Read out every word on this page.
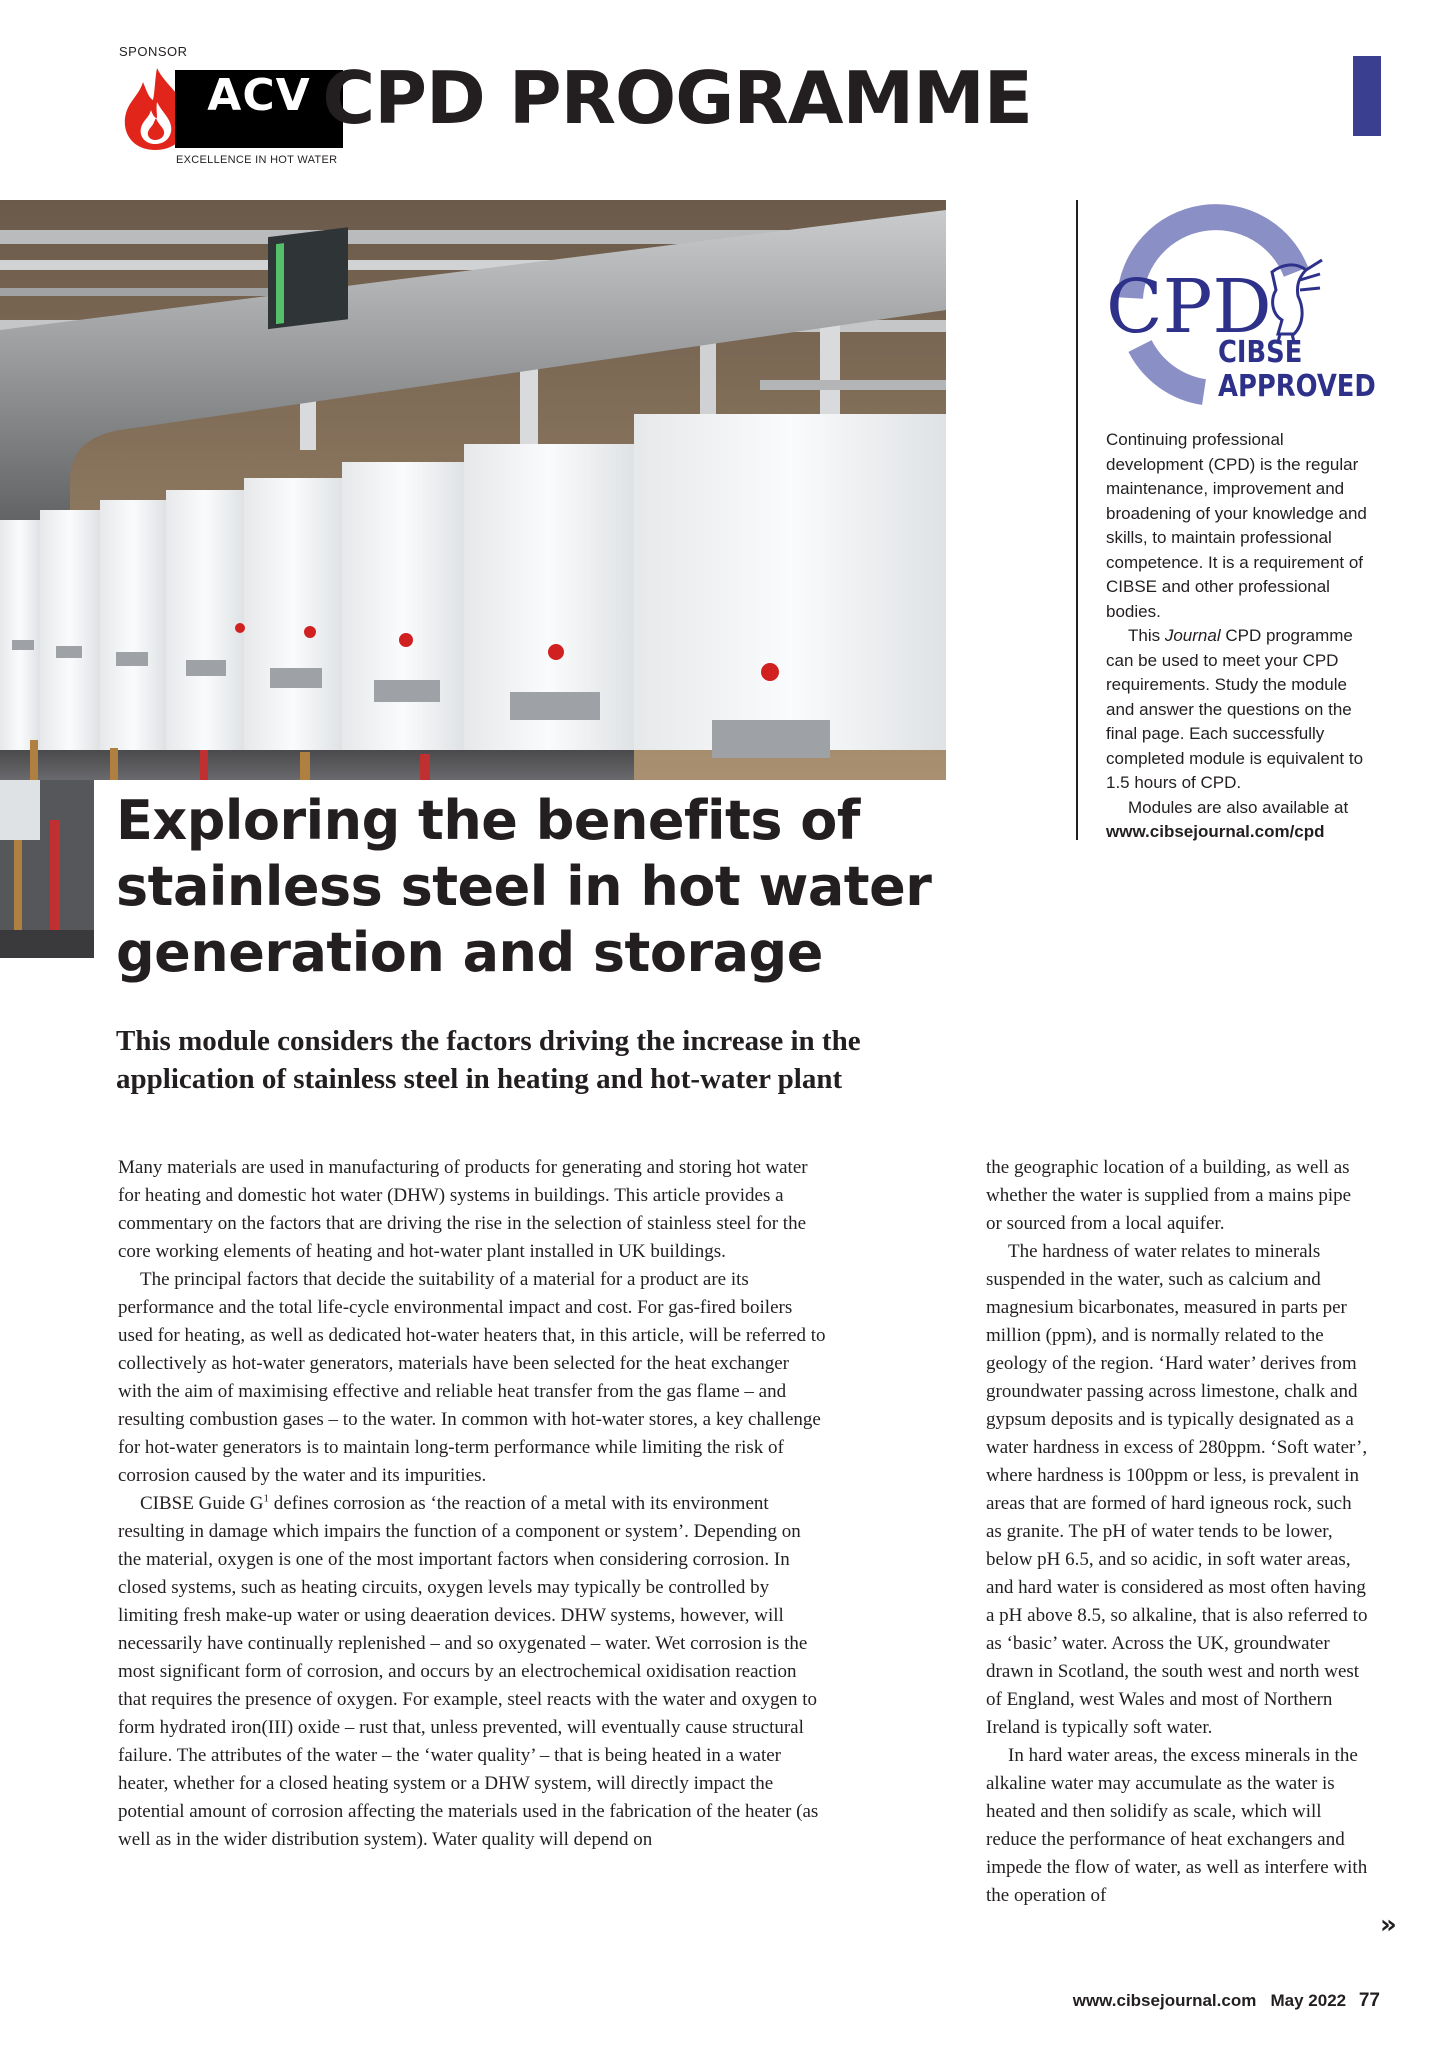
SPONSOR
ACV
EXCELLENCE IN HOT WATER
CPD PROGRAMME
CPD
CIBSE
APPROVED

Continuing professional development (CPD) is the regular maintenance, improvement and broadening of your knowledge and skills, to maintain professional competence. It is a requirement of CIBSE and other professional bodies.

This Journal CPD programme can be used to meet your CPD requirements. Study the module and answer the questions on the final page. Each successfully completed module is equivalent to 1.5 hours of CPD.

Modules are also available at

www.cibsejournal.com/cpd
Exploring the benefits of stainless steel in hot water generation and storage
This module considers the factors driving the increase in the application of stainless steel in heating and hot-water plant

Many materials are used in manufacturing of products for generating and storing hot water for heating and domestic hot water (DHW) systems in buildings. This article provides a commentary on the factors that are driving the rise in the selection of stainless steel for the core working elements of heating and hot-water plant installed in UK buildings.

The principal factors that decide the suitability of a material for a product are its performance and the total life-cycle environmental impact and cost. For gas-fired boilers used for heating, as well as dedicated hot-water heaters that, in this article, will be referred to collectively as hot-water generators, materials have been selected for the heat exchanger with the aim of maximising effective and reliable heat transfer from the gas flame – and resulting combustion gases – to the water. In common with hot-water stores, a key challenge for hot-water generators is to maintain long-term performance while limiting the risk of corrosion caused by the water and its impurities.

CIBSE Guide $G^1$ defines corrosion as ‘the reaction of a metal with its environment resulting in damage which impairs the function of a component or system’. Depending on the material, oxygen is one of the most important factors when considering corrosion. In closed systems, such as heating circuits, oxygen levels may typically be controlled by limiting fresh make-up water or using deaeration devices. DHW systems, however, will necessarily have continually replenished – and so oxygenated – water. Wet corrosion is the most significant form of corrosion, and occurs by an electrochemical oxidisation reaction that requires the presence of oxygen. For example, steel reacts with the water and oxygen to form hydrated iron(III) oxide – rust that, unless prevented, will eventually cause structural failure. The attributes of the water – the ‘water quality’ – that is being heated in a water heater, whether for a closed heating system or a DHW system, will directly impact the potential amount of corrosion affecting the materials used in the fabrication of the heater (as well as in the wider distribution system). Water quality will depend on

the geographic location of a building, as well as whether the water is supplied from a mains pipe or sourced from a local aquifer.

The hardness of water relates to minerals suspended in the water, such as calcium and magnesium bicarbonates, measured in parts per million (ppm), and is normally related to the geology of the region. ‘Hard water’ derives from groundwater passing across limestone, chalk and gypsum deposits and is typically designated as a water hardness in excess of 280ppm. ‘Soft water’, where hardness is 100ppm or less, is prevalent in areas that are formed of hard igneous rock, such as granite. The pH of water tends to be lower, below pH 6.5, and so acidic, in soft water areas, and hard water is considered as most often having a pH above 8.5, so alkaline, that is also referred to as ‘basic’ water. Across the UK, groundwater drawn in Scotland, the south west and north west of England, west Wales and most of Northern Ireland is typically soft water.

In hard water areas, the excess minerals in the alkaline water may accumulate as the water is heated and then solidify as scale, which will reduce the performance of heat exchangers and impede the flow of water, as well as interfere with the operation of

»
www.cibsejournal.com May 2022 77
